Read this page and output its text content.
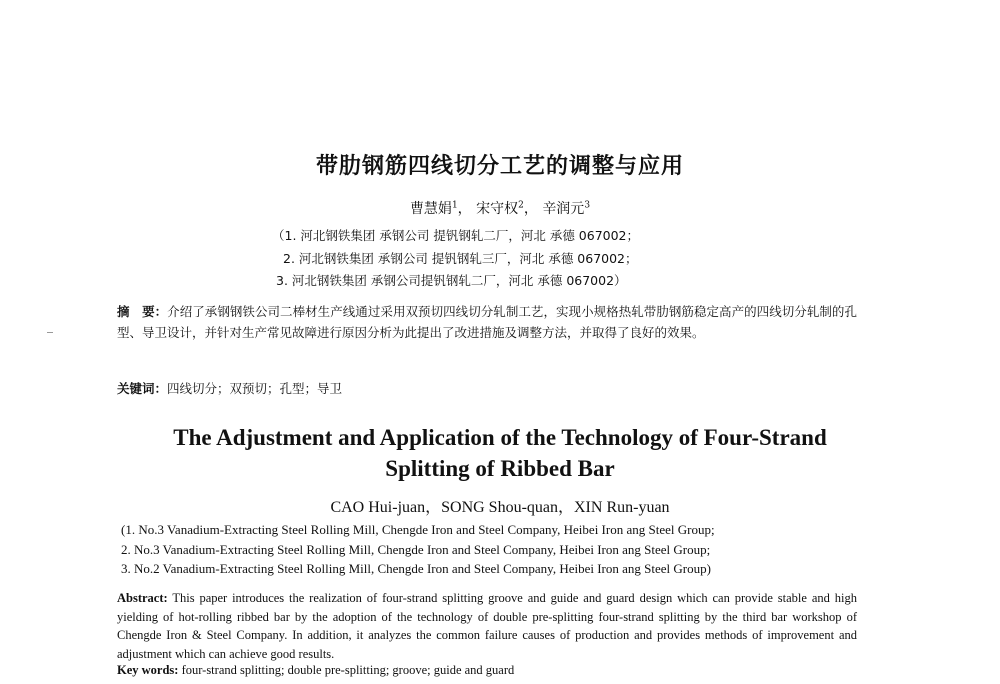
带肋钢筋四线切分工艺的调整与应用
曹慧娟$^1$， 宋守权$^2$， 辛润元$^3$
（1. 河北钢铁集团 承钢公司 提钒钢轧二厂，河北 承德 067002；
2. 河北钢铁集团 承钢公司 提钒钢轧三厂，河北 承德 067002；
3. 河北钢铁集团 承钢公司提钒钢轧二厂，河北 承德 067002）
摘　要：介绍了承钢钢铁公司二棒材生产线通过采用双预切四线切分轧制工艺，实现小规格热轧带肋钢筋稳定高产的四线切分轧制的孔型、导卫设计，并针对生产常见故障进行原因分析为此提出了改进措施及调整方法，并取得了良好的效果。
关键词：四线切分；双预切；孔型；导卫
The Adjustment and Application of the Technology of Four-Strand
Splitting of Ribbed Bar
CAO Hui-juan，SONG Shou-quan，XIN Run-yuan
(1. No.3 Vanadium-Extracting Steel Rolling Mill, Chengde Iron and Steel Company, Heibei Iron ang Steel Group;
2. No.3 Vanadium-Extracting Steel Rolling Mill, Chengde Iron and Steel Company, Heibei Iron ang Steel Group;
3. No.2 Vanadium-Extracting Steel Rolling Mill, Chengde Iron and Steel Company, Heibei Iron ang Steel Group)
Abstract: This paper introduces the realization of four-strand splitting groove and guide and guard design which can provide stable and high yielding of hot-rolling ribbed bar by the adoption of the technology of double pre-splitting four-strand splitting by the third bar workshop of Chengde Iron & Steel Company. In addition, it analyzes the common failure causes of production and provides methods of improvement and adjustment which can achieve good results.
Key words: four-strand splitting; double pre-splitting; groove; guide and guard
